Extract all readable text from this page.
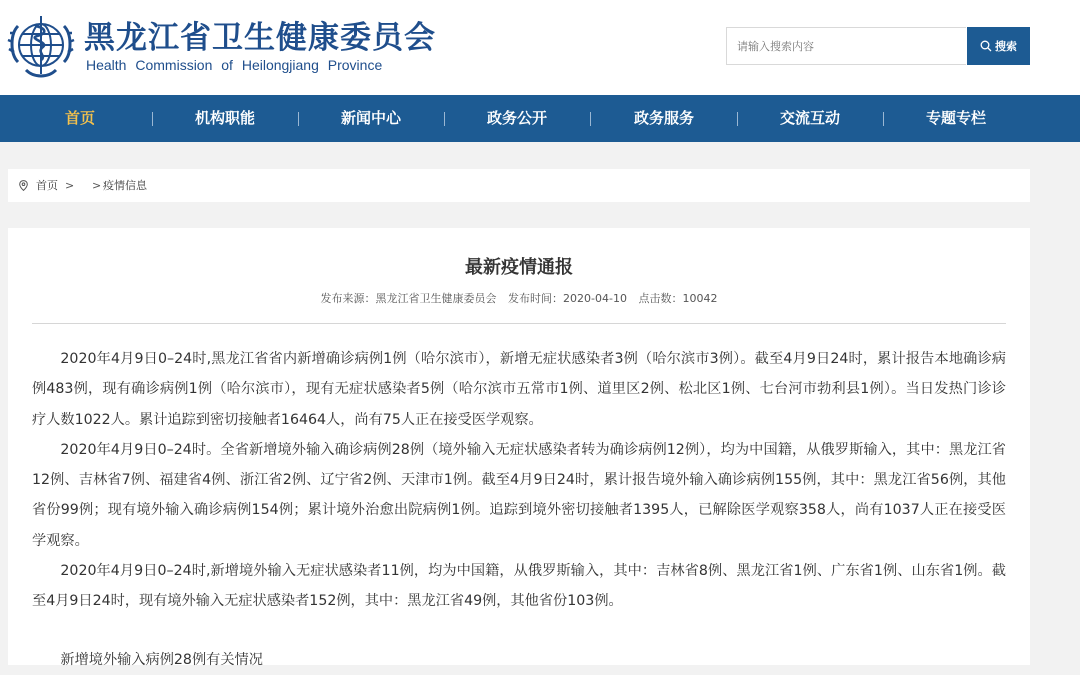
黑龙江省卫生健康委员会
Health Commission of Heilongjiang Province
请输入搜索内容
搜索
首页	机构职能	新闻中心	政务公开	政务服务	交流互动	专题专栏
首页 > > 疫情信息
最新疫情通报
发布来源：黑龙江省卫生健康委员会 发布时间：2020-04-10 点击数：10042

2020年4月9日0–24时,黑龙江省省内新增确诊病例1例（哈尔滨市），新增无症状感染者3例（哈尔滨市3例）。截至4月9日24时，累计报告本地确诊病例483例，现有确诊病例1例（哈尔滨市），现有无症状感染者5例（哈尔滨市五常市1例、道里区2例、松北区1例、七台河市勃利县1例）。当日发热门诊诊疗人数1022人。累计追踪到密切接触者16464人，尚有75人正在接受医学观察。

2020年4月9日0–24时。全省新增境外输入确诊病例28例（境外输入无症状感染者转为确诊病例12例），均为中国籍，从俄罗斯输入，其中：黑龙江省12例、吉林省7例、福建省4例、浙江省2例、辽宁省2例、天津市1例。截至4月9日24时，累计报告境外输入确诊病例155例，其中：黑龙江省56例，其他省份99例；现有境外输入确诊病例154例；累计境外治愈出院病例1例。追踪到境外密切接触者1395人，已解除医学观察358人，尚有1037人正在接受医学观察。

2020年4月9日0–24时,新增境外输入无症状感染者11例，均为中国籍，从俄罗斯输入，其中：吉林省8例、黑龙江省1例、广东省1例、山东省1例。截至4月9日24时，现有境外输入无症状感染者152例，其中：黑龙江省49例，其他省份103例。

新增境外输入病例28例有关情况
